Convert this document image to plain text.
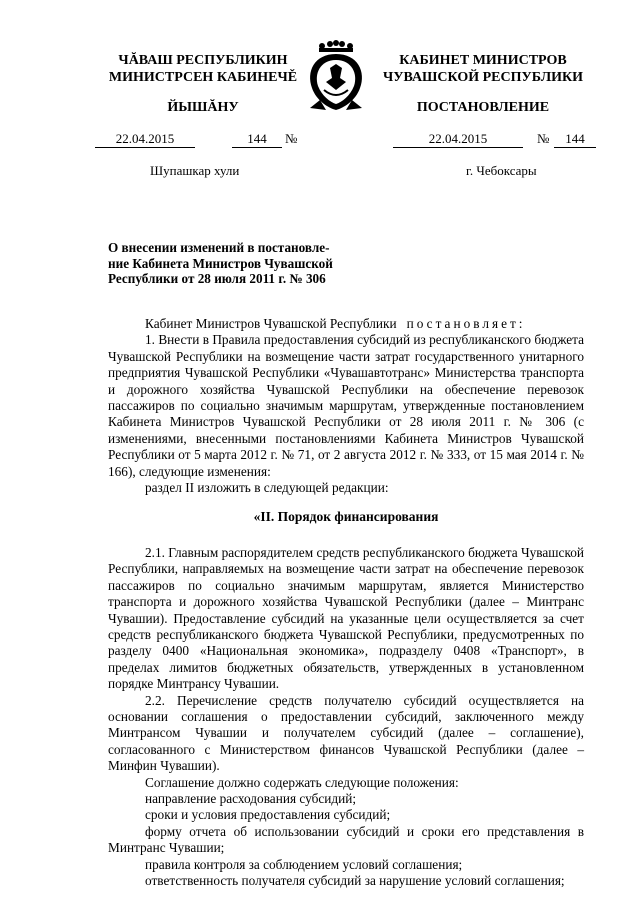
ЧĂВАШ РЕСПУБЛИКИН
МИНИСТРСЕН КАБИНЕЧĚ
ЙЫШĂНУ
КАБИНЕТ МИНИСТРОВ
ЧУВАШСКОЙ РЕСПУБЛИКИ
ПОСТАНОВЛЕНИЕ
22.04.2015	144	№	22.04.2015	№	144
Шупашкар хули	г. Чебоксары
О внесении изменений в постановле-
ние Кабинета Министров Чувашской
Республики от 28 июля 2011 г. № 306

Кабинет Министров Чувашской Республики постановляет:

1. Внести в Правила предоставления субсидий из республиканского бюджета Чувашской Республики на возмещение части затрат государственного унитарного предприятия Чувашской Республики «Чувашавтотранс» Министерства транспорта и дорожного хозяйства Чувашской Республики на обеспечение перевозок пассажиров по социально значимым маршрутам, утвержденные постановлением Кабинета Министров Чувашской Республики от 28 июля 2011 г. № 306 (с изменениями, внесенными постановлениями Кабинета Министров Чувашской Республики от 5 марта 2012 г. № 71, от 2 августа 2012 г. № 333, от 15 мая 2014 г. № 166), следующие изменения:

раздел II изложить в следующей редакции:

«II. Порядок финансирования

2.1. Главным распорядителем средств республиканского бюджета Чувашской Республики, направляемых на возмещение части затрат на обеспечение перевозок пассажиров по социально значимым маршрутам, является Министерство транспорта и дорожного хозяйства Чувашской Республики (далее – Минтранс Чувашии). Предоставление субсидий на указанные цели осуществляется за счет средств республиканского бюджета Чувашской Республики, предусмотренных по разделу 0400 «Национальная экономика», подразделу 0408 «Транспорт», в пределах лимитов бюджетных обязательств, утвержденных в установленном порядке Минтрансу Чувашии.

2.2. Перечисление средств получателю субсидий осуществляется на основании соглашения о предоставлении субсидий, заключенного между Минтрансом Чувашии и получателем субсидий (далее – соглашение), согласованного с Министерством финансов Чувашской Республики (далее – Минфин Чувашии).

Соглашение должно содержать следующие положения:

направление расходования субсидий;

сроки и условия предоставления субсидий;

форму отчета об использовании субсидий и сроки его представления в Минтранс Чувашии;

правила контроля за соблюдением условий соглашения;

ответственность получателя субсидий за нарушение условий соглашения;
